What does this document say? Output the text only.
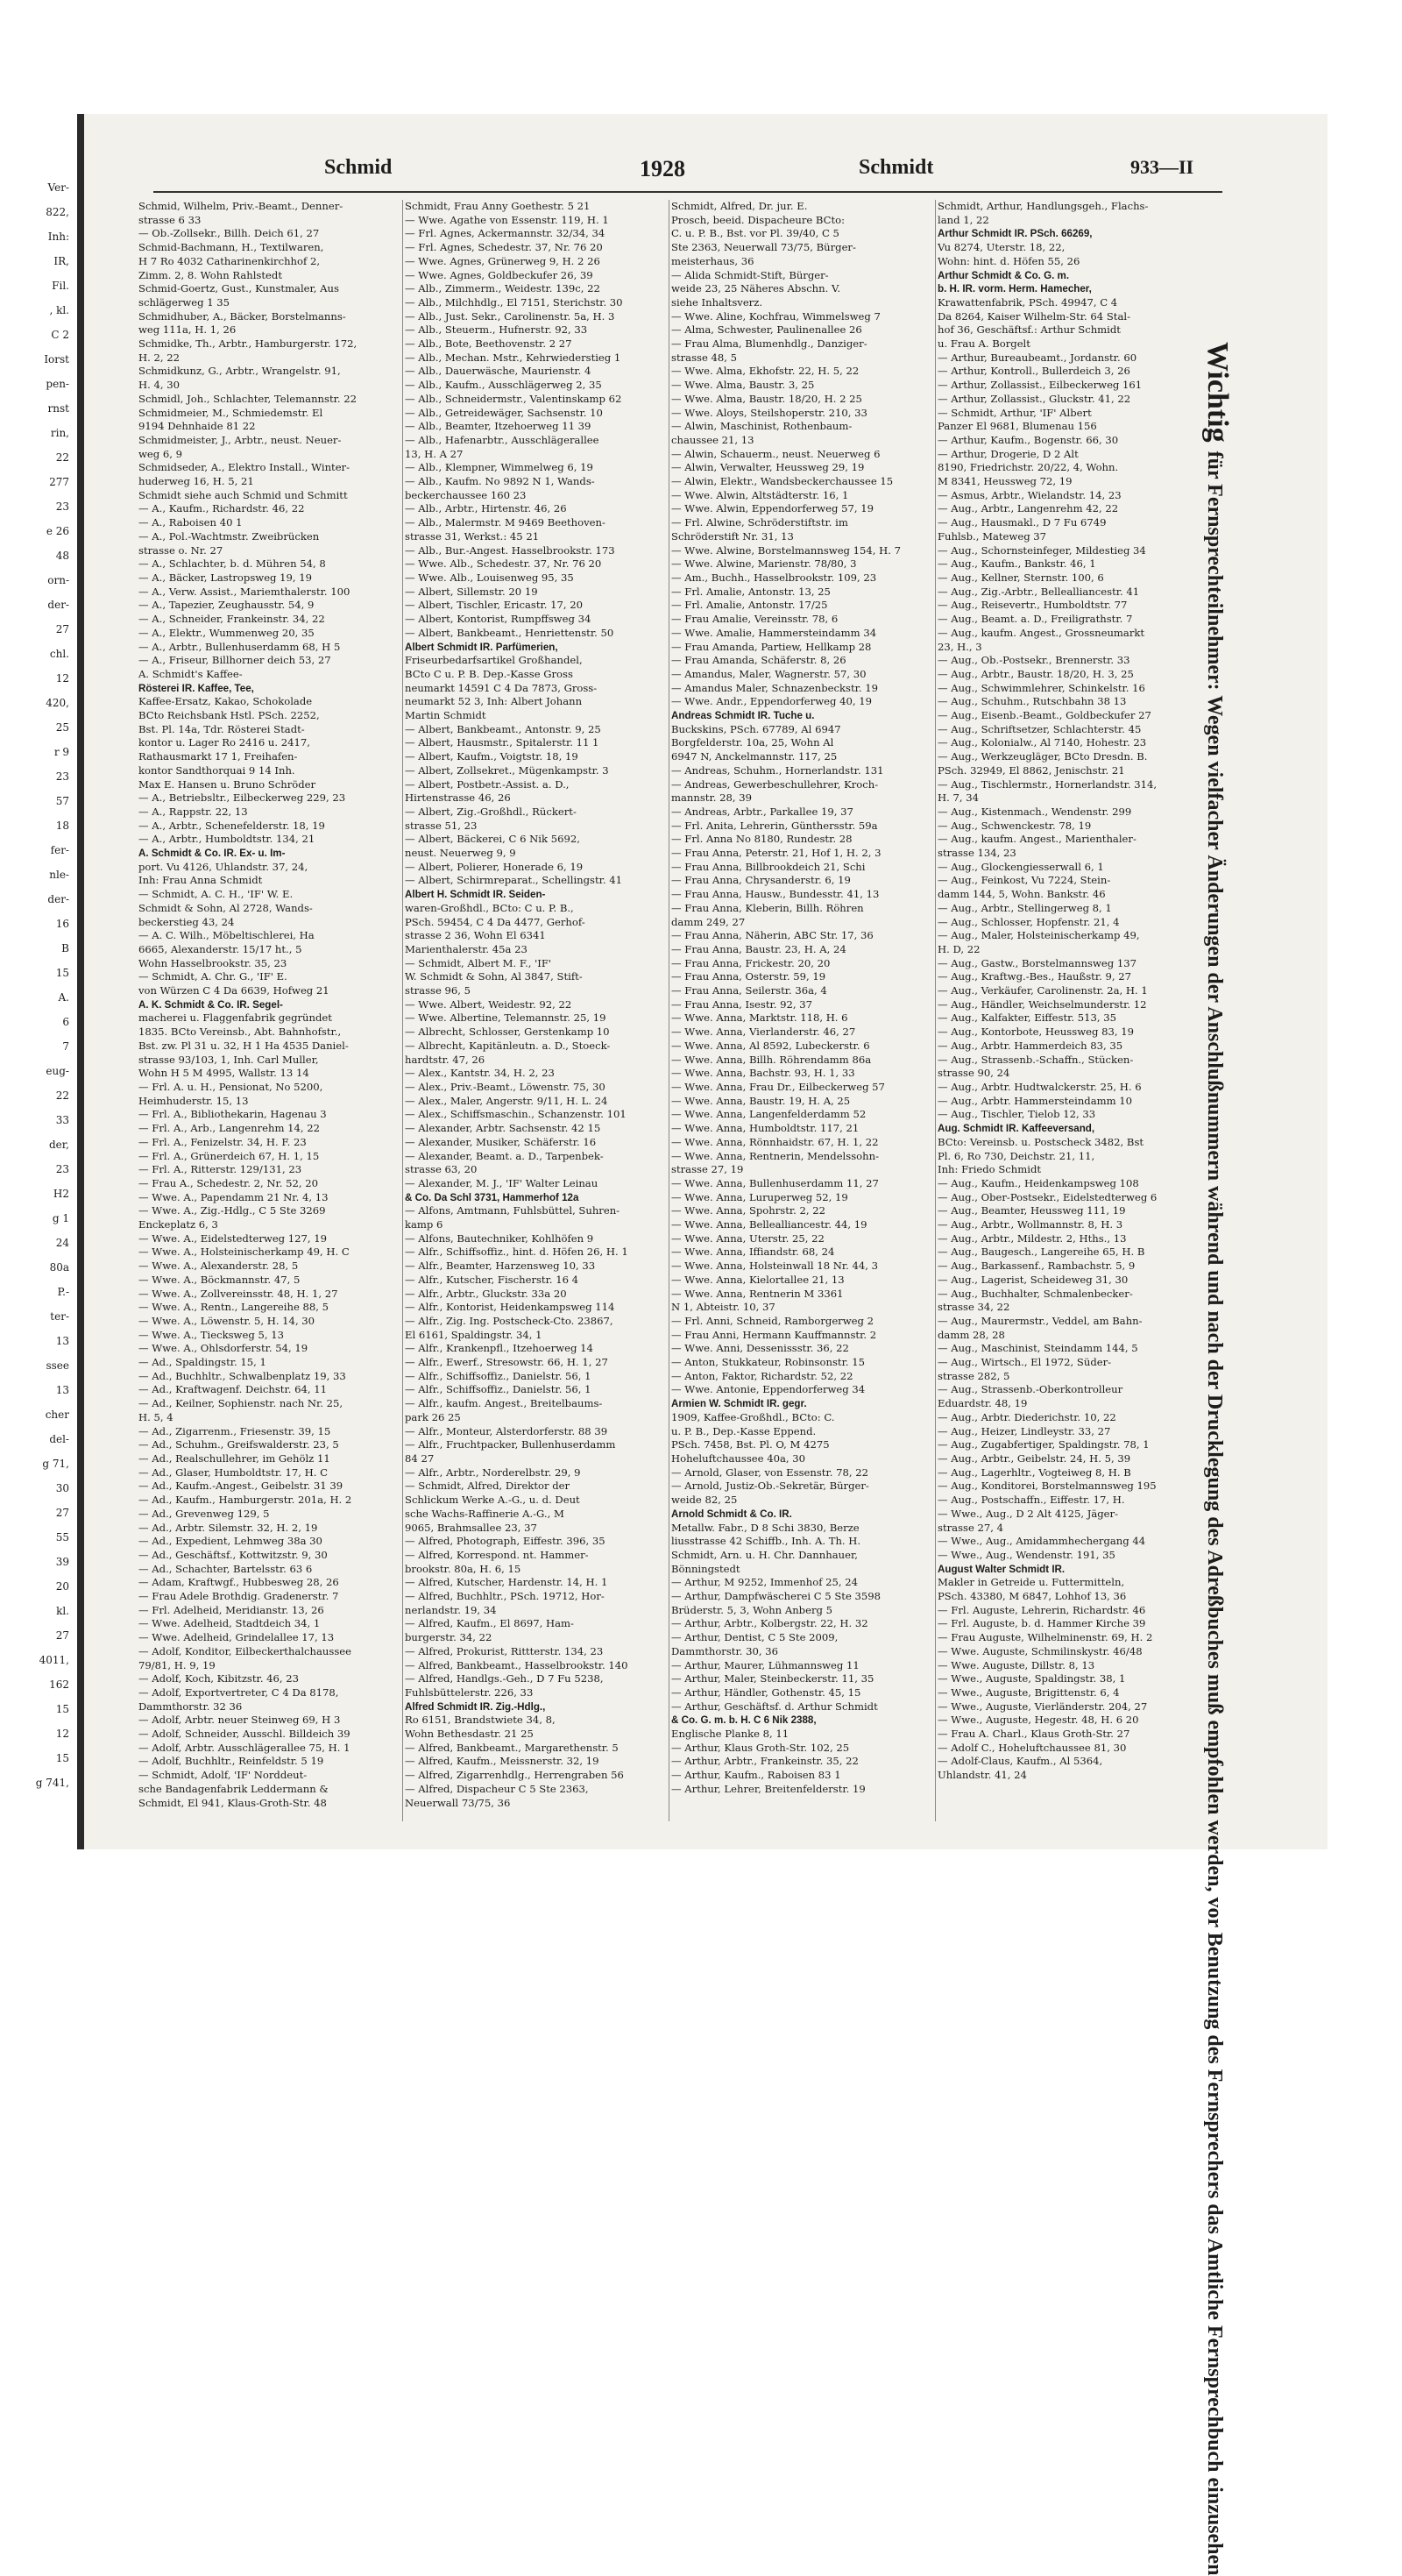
Ver-
822,
Inh:
IR,
Fil.
, kl.
C 2
Iorst
pen-
rnst
rin,
22
277
23
e 26
48
orn-
der-
27
chl.
12
420,
25
r 9
23
57
18
fer-
nle-
der-
16
B
15
A.
6
7
eug-
22
33
der,
23
H2
g 1
24
80a
P.-
ter-
13
ssee
13
cher
del-
g 71,
30
27
55
39
20
kl.
27
4011,
162
15
12
15
g 741,
Schmid	1928	Schmidt	933—II
Schmid, Wilhelm, Priv.-Beamt., Denner-
strasse 6 33
— Ob.-Zollsekr., Billh. Deich 61, 27
Schmid-Bachmann, H., Textilwaren,
H 7 Ro 4032 Catharinenkirchhof 2,
Zimm. 2, 8. Wohn Rahlstedt
Schmid-Goertz, Gust., Kunstmaler, Aus
schlägerweg 1 35
Schmidhuber, A., Bäcker, Borstelmanns-
weg 111a, H. 1, 26
Schmidke, Th., Arbtr., Hamburgerstr. 172,
H. 2, 22
Schmidkunz, G., Arbtr., Wrangelstr. 91,
H. 4, 30
Schmidl, Joh., Schlachter, Telemannstr. 22
Schmidmeier, M., Schmiedemstr. El
9194 Dehnhaide 81 22
Schmidmeister, J., Arbtr., neust. Neuer-
weg 6, 9
Schmidseder, A., Elektro Install., Winter-
huderweg 16, H. 5, 21
Schmidt siehe auch Schmid und Schmitt
— A., Kaufm., Richardstr. 46, 22
— A., Raboisen 40 1
— A., Pol.-Wachtmstr. Zweibrücken
strasse o. Nr. 27
— A., Schlachter, b. d. Mühren 54, 8
— A., Bäcker, Lastropsweg 19, 19
— A., Verw. Assist., Mariemthalerstr. 100
— A., Tapezier, Zeughausstr. 54, 9
— A., Schneider, Frankeinstr. 34, 22
— A., Elektr., Wummenweg 20, 35
— A., Arbtr., Bullenhuserdamm 68, H 5
— A., Friseur, Billhorner deich 53, 27
A. Schmidt's Kaffee-
Rösterei IR. Kaffee, Tee,
Kaffee-Ersatz, Kakao, Schokolade
BCto Reichsbank Hstl. PSch. 2252,
Bst. Pl. 14a, Tdr. Rösterei Stadt-
kontor u. Lager Ro 2416 u. 2417,
Rathausmarkt 17 1, Freihafen-
kontor Sandthorquai 9 14 Inh.
Max E. Hansen u. Bruno Schröder
— A., Betriebsltr., Eilbeckerweg 229, 23
— A., Rappstr. 22, 13
— A., Arbtr., Schenefelderstr. 18, 19
— A., Arbtr., Humboldtstr. 134, 21
A. Schmidt & Co. IR. Ex- u. Im-
port. Vu 4126, Uhlandstr. 37, 24,
Inh: Frau Anna Schmidt
— Schmidt, A. C. H., 'IF' W. E.
Schmidt & Sohn, Al 2728, Wands-
beckerstieg 43, 24
— A. C. Wilh., Möbeltischlerei, Ha
6665, Alexanderstr. 15/17 ht., 5
Wohn Hasselbrookstr. 35, 23
— Schmidt, A. Chr. G., 'IF' E.
von Würzen C 4 Da 6639, Hofweg 21
A. K. Schmidt & Co. IR. Segel-
macherei u. Flaggenfabrik gegründet
1835. BCto Vereinsb., Abt. Bahnhofstr.,
Bst. zw. Pl 31 u. 32, H 1 Ha 4535 Daniel-
strasse 93/103, 1, Inh. Carl Muller,
Wohn H 5 M 4995, Wallstr. 13 14
— Frl. A. u. H., Pensionat, No 5200,
Heimhuderstr. 15, 13
— Frl. A., Bibliothekarin, Hagenau 3
— Frl. A., Arb., Langenrehm 14, 22
— Frl. A., Fenizelstr. 34, H. F. 23
— Frl. A., Grünerdeich 67, H. 1, 15
— Frl. A., Ritterstr. 129/131, 23
— Frau A., Schedestr. 2, Nr. 52, 20
— Wwe. A., Papendamm 21 Nr. 4, 13
— Wwe. A., Zig.-Hdlg., C 5 Ste 3269
Enckeplatz 6, 3
— Wwe. A., Eidelstedterweg 127, 19
— Wwe. A., Holsteinischerkamp 49, H. C
— Wwe. A., Alexanderstr. 28, 5
— Wwe. A., Böckmannstr. 47, 5
— Wwe. A., Zollvereinsstr. 48, H. 1, 27
— Wwe. A., Rentn., Langereihe 88, 5
— Wwe. A., Löwenstr. 5, H. 14, 30
— Wwe. A., Tiecksweg 5, 13
— Wwe. A., Ohlsdorferstr. 54, 19
— Ad., Spaldingstr. 15, 1
— Ad., Buchhltr., Schwalbenplatz 19, 33
— Ad., Kraftwagenf. Deichstr. 64, 11
— Ad., Keilner, Sophienstr. nach Nr. 25,
H. 5, 4
— Ad., Zigarrenm., Friesenstr. 39, 15
— Ad., Schuhm., Greifswalderstr. 23, 5
— Ad., Realschullehrer, im Gehölz 11
— Ad., Glaser, Humboldtstr. 17, H. C
— Ad., Kaufm.-Angest., Geibelstr. 31 39
— Ad., Kaufm., Hamburgerstr. 201a, H. 2
— Ad., Grevenweg 129, 5
— Ad., Arbtr. Silemstr. 32, H. 2, 19
— Ad., Expedient, Lehmweg 38a 30
— Ad., Geschäftsf., Kottwitzstr. 9, 30
— Ad., Schachter, Bartelsstr. 63 6
— Adam, Kraftwgf., Hubbesweg 28, 26
— Frau Adele Brothdig. Gradenerstr. 7
— Frl. Adelheid, Meridianstr. 13, 26
— Wwe. Adelheid, Stadtdeich 34, 1
— Wwe. Adelheid, Grindelallee 17, 13
— Adolf, Konditor, Eilbeckerthalchaussee
79/81, H. 9, 19
— Adolf, Koch, Kibitzstr. 46, 23
— Adolf, Exportvertreter, C 4 Da 8178,
Dammthorstr. 32 36
— Adolf, Arbtr. neuer Steinweg 69, H 3
— Adolf, Schneider, Ausschl. Billdeich 39
— Adolf, Arbtr. Ausschlägerallee 75, H. 1
— Adolf, Buchhltr., Reinfeldstr. 5 19
— Schmidt, Adolf, 'IF' Norddeut-
sche Bandagenfabrik Leddermann &
Schmidt, El 941, Klaus-Groth-Str. 48
Schmidt, Frau Anny Goethestr. 5 21
— Wwe. Agathe von Essenstr. 119, H. 1
— Frl. Agnes, Ackermannstr. 32/34, 34
— Frl. Agnes, Schedestr. 37, Nr. 76 20
— Wwe. Agnes, Grünerweg 9, H. 2 26
— Wwe. Agnes, Goldbeckufer 26, 39
— Alb., Zimmerm., Weidestr. 139c, 22
— Alb., Milchhdlg., El 7151, Sterichstr. 30
— Alb., Just. Sekr., Carolinenstr. 5a, H. 3
— Alb., Steuerm., Hufnerstr. 92, 33
— Alb., Bote, Beethovenstr. 2 27
— Alb., Mechan. Mstr., Kehrwiederstieg 1
— Alb., Dauerwäsche, Maurienstr. 4
— Alb., Kaufm., Ausschlägerweg 2, 35
— Alb., Schneidermstr., Valentinskamp 62
— Alb., Getreidewäger, Sachsenstr. 10
— Alb., Beamter, Itzehoerweg 11 39
— Alb., Hafenarbtr., Ausschlägerallee
13, H. A 27
— Alb., Klempner, Wimmelweg 6, 19
— Alb., Kaufm. No 9892 N 1, Wands-
beckerchaussee 160 23
— Alb., Arbtr., Hirtenstr. 46, 26
— Alb., Malermstr. M 9469 Beethoven-
strasse 31, Werkst.: 45 21
— Alb., Bur.-Angest. Hasselbrookstr. 173
— Wwe. Alb., Schedestr. 37, Nr. 76 20
— Wwe. Alb., Louisenweg 95, 35
— Albert, Sillemstr. 20 19
— Albert, Tischler, Ericastr. 17, 20
— Albert, Kontorist, Rumpffsweg 34
— Albert, Bankbeamt., Henriettenstr. 50
Albert Schmidt IR. Parfümerien,
Friseurbedarfsartikel Großhandel,
BCto C u. P. B. Dep.-Kasse Gross
neumarkt 14591 C 4 Da 7873, Gross-
neumarkt 52 3, Inh: Albert Johann
Martin Schmidt
— Albert, Bankbeamt., Antonstr. 9, 25
— Albert, Hausmstr., Spitalerstr. 11 1
— Albert, Kaufm., Voigtstr. 18, 19
— Albert, Zollsekret., Mügenkampstr. 3
— Albert, Postbetr.-Assist. a. D.,
Hirtenstrasse 46, 26
— Albert, Zig.-Großhdl., Rückert-
strasse 51, 23
— Albert, Bäckerei, C 6 Nik 5692,
neust. Neuerweg 9, 9
— Albert, Polierer, Honerade 6, 19
— Albert, Schirmreparat., Schellingstr. 41
Albert H. Schmidt IR. Seiden-
waren-Großhdl., BCto: C u. P. B.,
PSch. 59454, C 4 Da 4477, Gerhof-
strasse 2 36, Wohn El 6341
Marienthalerstr. 45a 23
— Schmidt, Albert M. F., 'IF'
W. Schmidt & Sohn, Al 3847, Stift-
strasse 96, 5
— Wwe. Albert, Weidestr. 92, 22
— Wwe. Albertine, Telemannstr. 25, 19
— Albrecht, Schlosser, Gerstenkamp 10
— Albrecht, Kapitänleutn. a. D., Stoeck-
hardtstr. 47, 26
— Alex., Kantstr. 34, H. 2, 23
— Alex., Priv.-Beamt., Löwenstr. 75, 30
— Alex., Maler, Angerstr. 9/11, H. L. 24
— Alex., Schiffsmaschin., Schanzenstr. 101
— Alexander, Arbtr. Sachsenstr. 42 15
— Alexander, Musiker, Schäferstr. 16
— Alexander, Beamt. a. D., Tarpenbek-
strasse 63, 20
— Alexander, M. J., 'IF' Walter Leinau
& Co. Da Schl 3731, Hammerhof 12a
— Alfons, Amtmann, Fuhlsbüttel, Suhren-
kamp 6
— Alfons, Bautechniker, Kohlhöfen 9
— Alfr., Schiffsoffiz., hint. d. Höfen 26, H. 1
— Alfr., Beamter, Harzensweg 10, 33
— Alfr., Kutscher, Fischerstr. 16 4
— Alfr., Arbtr., Gluckstr. 33a 20
— Alfr., Kontorist, Heidenkampsweg 114
— Alfr., Zig. Ing. Postscheck-Cto. 23867,
El 6161, Spaldingstr. 34, 1
— Alfr., Krankenpfl., Itzehoerweg 14
— Alfr., Ewerf., Stresowstr. 66, H. 1, 27
— Alfr., Schiffsoffiz., Danielstr. 56, 1
— Alfr., Schiffsoffiz., Danielstr. 56, 1
— Alfr., kaufm. Angest., Breitelbaums-
park 26 25
— Alfr., Monteur, Alsterdorferstr. 88 39
— Alfr., Fruchtpacker, Bullenhuserdamm
84 27
— Alfr., Arbtr., Norderelbstr. 29, 9
— Schmidt, Alfred, Direktor der
Schlickum Werke A.-G., u. d. Deut
sche Wachs-Raffinerie A.-G., M
9065, Brahmsallee 23, 37
— Alfred, Photograph, Eiffestr. 396, 35
— Alfred, Korrespond. nt. Hammer-
brookstr. 80a, H. 6, 15
— Alfred, Kutscher, Hardenstr. 14, H. 1
— Alfred, Buchhltr., PSch. 19712, Hor-
nerlandstr. 19, 34
— Alfred, Kaufm., El 8697, Ham-
burgerstr. 34, 22
— Alfred, Prokurist, Rittterstr. 134, 23
— Alfred, Bankbeamt., Hasselbrookstr. 140
— Alfred, Handlgs.-Geh., D 7 Fu 5238,
Fuhlsbüttelerstr. 226, 33
Alfred Schmidt IR. Zig.-Hdlg.,
Ro 6151, Brandstwiete 34, 8,
Wohn Bethesdastr. 21 25
— Alfred, Bankbeamt., Margarethenstr. 5
— Alfred, Kaufm., Meissnerstr. 32, 19
— Alfred, Zigarrenhdlg., Herrengraben 56
— Alfred, Dispacheur C 5 Ste 2363,
Neuerwall 73/75, 36
Schmidt, Alfred, Dr. jur. E.
Prosch, beeid. Dispacheure BCto:
C. u. P. B., Bst. vor Pl. 39/40, C 5
Ste 2363, Neuerwall 73/75, Bürger-
meisterhaus, 36
— Alida Schmidt-Stift, Bürger-
weide 23, 25 Näheres Abschn. V.
siehe Inhaltsverz.
— Wwe. Aline, Kochfrau, Wimmelsweg 7
— Alma, Schwester, Paulinenallee 26
— Frau Alma, Blumenhdlg., Danziger-
strasse 48, 5
— Wwe. Alma, Ekhofstr. 22, H. 5, 22
— Wwe. Alma, Baustr. 3, 25
— Wwe. Alma, Baustr. 18/20, H. 2 25
— Wwe. Aloys, Steilshoperstr. 210, 33
— Alwin, Maschinist, Rothenbaum-
chaussee 21, 13
— Alwin, Schauerm., neust. Neuerweg 6
— Alwin, Verwalter, Heussweg 29, 19
— Alwin, Elektr., Wandsbeckerchaussee 15
— Wwe. Alwin, Altstädterstr. 16, 1
— Wwe. Alwin, Eppendorferweg 57, 19
— Frl. Alwine, Schröderstiftstr. im
Schröderstift Nr. 31, 13
— Wwe. Alwine, Borstelmannsweg 154, H. 7
— Wwe. Alwine, Marienstr. 78/80, 3
— Am., Buchh., Hasselbrookstr. 109, 23
— Frl. Amalie, Antonstr. 13, 25
— Frl. Amalie, Antonstr. 17/25
— Frau Amalie, Vereinsstr. 78, 6
— Wwe. Amalie, Hammersteindamm 34
— Frau Amanda, Partiew, Hellkamp 28
— Frau Amanda, Schäferstr. 8, 26
— Amandus, Maler, Wagnerstr. 57, 30
— Amandus Maler, Schnazenbeckstr. 19
— Wwe. Andr., Eppendorferweg 40, 19
Andreas Schmidt IR. Tuche u.
Buckskins, PSch. 67789, Al 6947
Borgfelderstr. 10a, 25, Wohn Al
6947 N, Anckelmannstr. 117, 25
— Andreas, Schuhm., Hornerlandstr. 131
— Andreas, Gewerbeschullehrer, Kroch-
mannstr. 28, 39
— Andreas, Arbtr., Parkallee 19, 37
— Frl. Anita, Lehrerin, Günthersstr. 59a
— Frl. Anna No 8180, Rundestr. 28
— Frau Anna, Peterstr. 21, Hof 1, H. 2, 3
— Frau Anna, Billbrookdeich 21, Schi
— Frau Anna, Chrysanderstr. 6, 19
— Frau Anna, Hausw., Bundesstr. 41, 13
— Frau Anna, Kleberin, Billh. Röhren
damm 249, 27
— Frau Anna, Näherin, ABC Str. 17, 36
— Frau Anna, Baustr. 23, H. A, 24
— Frau Anna, Frickestr. 20, 20
— Frau Anna, Osterstr. 59, 19
— Frau Anna, Seilerstr. 36a, 4
— Frau Anna, Isestr. 92, 37
— Wwe. Anna, Marktstr. 118, H. 6
— Wwe. Anna, Vierlanderstr. 46, 27
— Wwe. Anna, Al 8592, Lubeckerstr. 6
— Wwe. Anna, Billh. Röhrendamm 86a
— Wwe. Anna, Bachstr. 93, H. 1, 33
— Wwe. Anna, Frau Dr., Eilbeckerweg 57
— Wwe. Anna, Baustr. 19, H. A, 25
— Wwe. Anna, Langenfelderdamm 52
— Wwe. Anna, Humboldtstr. 117, 21
— Wwe. Anna, Rönnhaidstr. 67, H. 1, 22
— Wwe. Anna, Rentnerin, Mendelssohn-
strasse 27, 19
— Wwe. Anna, Bullenhuserdamm 11, 27
— Wwe. Anna, Luruperweg 52, 19
— Wwe. Anna, Spohrstr. 2, 22
— Wwe. Anna, Bellealliancestr. 44, 19
— Wwe. Anna, Uterstr. 25, 22
— Wwe. Anna, Iffiandstr. 68, 24
— Wwe. Anna, Holsteinwall 18 Nr. 44, 3
— Wwe. Anna, Kielortallee 21, 13
— Wwe. Anna, Rentnerin M 3361
N 1, Abteistr. 10, 37
— Frl. Anni, Schneid, Ramborgerweg 2
— Frau Anni, Hermann Kauffmannstr. 2
— Wwe. Anni, Dessenissstr. 36, 22
— Anton, Stukkateur, Robinsonstr. 15
— Anton, Faktor, Richardstr. 52, 22
— Wwe. Antonie, Eppendorferweg 34
Armien W. Schmidt IR. gegr.
1909, Kaffee-Großhdl., BCto: C.
u. P. B., Dep.-Kasse Eppend.
PSch. 7458, Bst. Pl. O, M 4275
Hoheluftchaussee 40a, 30
— Arnold, Glaser, von Essenstr. 78, 22
— Arnold, Justiz-Ob.-Sekretär, Bürger-
weide 82, 25
Arnold Schmidt & Co. IR.
Metallw. Fabr., D 8 Schi 3830, Berze
liusstrasse 42 Schiffb., Inh. A. Th. H.
Schmidt, Arn. u. H. Chr. Dannhauer,
Bönningstedt
— Arthur, M 9252, Immenhof 25, 24
— Arthur, Dampfwäscherei C 5 Ste 3598
Brüderstr. 5, 3, Wohn Anberg 5
— Arthur, Arbtr., Kolbergstr. 22, H. 32
— Arthur, Dentist, C 5 Ste 2009,
Dammthorstr. 30, 36
— Arthur, Maurer, Lühmannsweg 11
— Arthur, Maler, Steinbeckerstr. 11, 35
— Arthur, Händler, Gothenstr. 45, 15
— Arthur, Geschäftsf. d. Arthur Schmidt
& Co. G. m. b. H. C 6 Nik 2388,
Englische Planke 8, 11
— Arthur, Klaus Groth-Str. 102, 25
— Arthur, Arbtr., Frankeinstr. 35, 22
— Arthur, Kaufm., Raboisen 83 1
— Arthur, Lehrer, Breitenfelderstr. 19
Schmidt, Arthur, Handlungsgeh., Flachs-
land 1, 22
Arthur Schmidt IR. PSch. 66269,
Vu 8274, Uterstr. 18, 22,
Wohn: hint. d. Höfen 55, 26
Arthur Schmidt & Co. G. m.
b. H. IR. vorm. Herm. Hamecher,
Krawattenfabrik, PSch. 49947, C 4
Da 8264, Kaiser Wilhelm-Str. 64 Stal-
hof 36, Geschäftsf.: Arthur Schmidt
u. Frau A. Borgelt
— Arthur, Bureaubeamt., Jordanstr. 60
— Arthur, Kontroll., Bullerdeich 3, 26
— Arthur, Zollassist., Eilbeckerweg 161
— Arthur, Zollassist., Gluckstr. 41, 22
— Schmidt, Arthur, 'IF' Albert
Panzer El 9681, Blumenau 156
— Arthur, Kaufm., Bogenstr. 66, 30
— Arthur, Drogerie, D 2 Alt
8190, Friedrichstr. 20/22, 4, Wohn.
M 8341, Heussweg 72, 19
— Asmus, Arbtr., Wielandstr. 14, 23
— Aug., Arbtr., Langenrehm 42, 22
— Aug., Hausmakl., D 7 Fu 6749
Fuhlsb., Mateweg 37
— Aug., Schornsteinfeger, Mildestieg 34
— Aug., Kaufm., Bankstr. 46, 1
— Aug., Kellner, Sternstr. 100, 6
— Aug., Zig.-Arbtr., Bellealliancestr. 41
— Aug., Reisevertr., Humboldtstr. 77
— Aug., Beamt. a. D., Freiligrathstr. 7
— Aug., kaufm. Angest., Grossneumarkt
23, H., 3
— Aug., Ob.-Postsekr., Brennerstr. 33
— Aug., Arbtr., Baustr. 18/20, H. 3, 25
— Aug., Schwimmlehrer, Schinkelstr. 16
— Aug., Schuhm., Rutschbahn 38 13
— Aug., Eisenb.-Beamt., Goldbeckufer 27
— Aug., Schriftsetzer, Schlachterstr. 45
— Aug., Kolonialw., Al 7140, Hohestr. 23
— Aug., Werkzeugläger, BCto Dresdn. B.
PSch. 32949, El 8862, Jenischstr. 21
— Aug., Tischlermstr., Hornerlandstr. 314,
H. 7, 34
— Aug., Kistenmach., Wendenstr. 299
— Aug., Schwenckestr. 78, 19
— Aug., kaufm. Angest., Marienthaler-
strasse 134, 23
— Aug., Glockengiesserwall 6, 1
— Aug., Feinkost, Vu 7224, Stein-
damm 144, 5, Wohn. Bankstr. 46
— Aug., Arbtr., Stellingerweg 8, 1
— Aug., Schlosser, Hopfenstr. 21, 4
— Aug., Maler, Holsteinischerkamp 49,
H. D, 22
— Aug., Gastw., Borstelmannsweg 137
— Aug., Kraftwg.-Bes., Haußstr. 9, 27
— Aug., Verkäufer, Carolinenstr. 2a, H. 1
— Aug., Händler, Weichselmunderstr. 12
— Aug., Kalfakter, Eiffestr. 513, 35
— Aug., Kontorbote, Heussweg 83, 19
— Aug., Arbtr. Hammerdeich 83, 35
— Aug., Strassenb.-Schaffn., Stücken-
strasse 90, 24
— Aug., Arbtr. Hudtwalckerstr. 25, H. 6
— Aug., Arbtr. Hammersteindamm 10
— Aug., Tischler, Tielob 12, 33
Aug. Schmidt IR. Kaffeeversand,
BCto: Vereinsb. u. Postscheck 3482, Bst
Pl. 6, Ro 730, Deichstr. 21, 11,
Inh: Friedo Schmidt
— Aug., Kaufm., Heidenkampsweg 108
— Aug., Ober-Postsekr., Eidelstedterweg 6
— Aug., Beamter, Heussweg 111, 19
— Aug., Arbtr., Wollmannstr. 8, H. 3
— Aug., Arbtr., Mildestr. 2, Hths., 13
— Aug., Baugesch., Langereihe 65, H. B
— Aug., Barkassenf., Rambachstr. 5, 9
— Aug., Lagerist, Scheideweg 31, 30
— Aug., Buchhalter, Schmalenbecker-
strasse 34, 22
— Aug., Maurermstr., Veddel, am Bahn-
damm 28, 28
— Aug., Maschinist, Steindamm 144, 5
— Aug., Wirtsch., El 1972, Süder-
strasse 282, 5
— Aug., Strassenb.-Oberkontrolleur
Eduardstr. 48, 19
— Aug., Arbtr. Diederichstr. 10, 22
— Aug., Heizer, Lindleystr. 33, 27
— Aug., Zugabfertiger, Spaldingstr. 78, 1
— Aug., Arbtr., Geibelstr. 24, H. 5, 39
— Aug., Lagerhltr., Vogteiweg 8, H. B
— Aug., Konditorei, Borstelmannsweg 195
— Aug., Postschaffn., Eiffestr. 17, H.
— Wwe., Aug., D 2 Alt 4125, Jäger-
strasse 27, 4
— Wwe., Aug., Amidammhechergang 44
— Wwe., Aug., Wendenstr. 191, 35
August Walter Schmidt IR.
Makler in Getreide u. Futtermitteln,
PSch. 43380, M 6847, Lohhof 13, 36
— Frl. Auguste, Lehrerin, Richardstr. 46
— Frl. Auguste, b. d. Hammer Kirche 39
— Frau Auguste, Wilhelminenstr. 69, H. 2
— Wwe. Auguste, Schmilinskystr. 46/48
— Wwe. Auguste, Dillstr. 8, 13
— Wwe., Auguste, Spaldingstr. 38, 1
— Wwe., Auguste, Brigittenstr. 6, 4
— Wwe., Auguste, Vierländerstr. 204, 27
— Wwe., Auguste, Hegestr. 48, H. 6 20
— Frau A. Charl., Klaus Groth-Str. 27
— Adolf C., Hoheluftchaussee 81, 30
— Adolf-Claus, Kaufm., Al 5364,
Uhlandstr. 41, 24
Wichtigfür Fernsprechteilnehmer: Wegen vielfacher Änderungen der Anschlußnummern während und nach der Drucklegung des Adreßbuches muß empfohlen werden, vor Benutzung des Fernsprechers das Amtliche Fernsprechbuch einzusehen
